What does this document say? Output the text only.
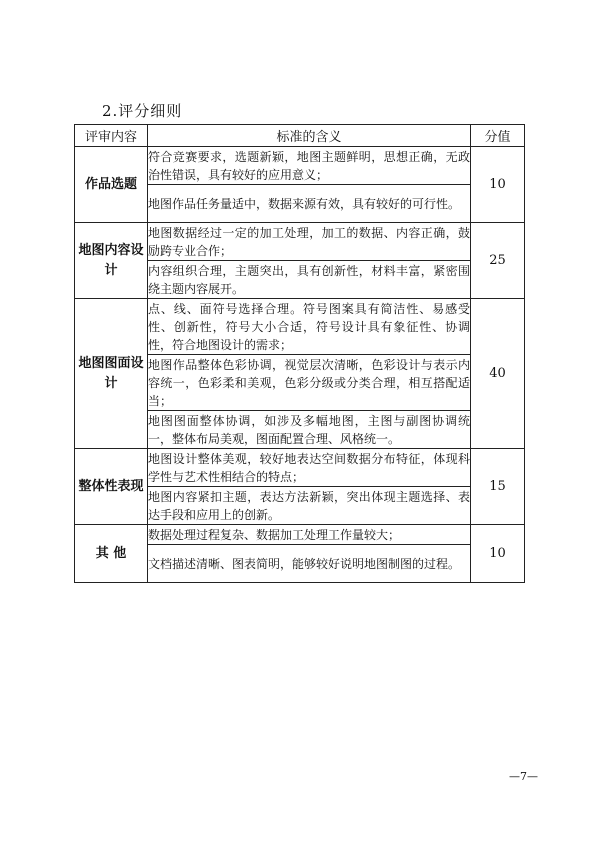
2.评分细则
评审内容	标准的含义	分值
作品选题	符合竞赛要求，选题新颖，地图主题鲜明，思想正确，无政治性错误，具有较好的应用意义；	10
	地图作品任务量适中，数据来源有效，具有较好的可行性。	
地图内容设计	地图数据经过一定的加工处理，加工的数据、内容正确，鼓励跨专业合作；	25
	内容组织合理，主题突出，具有创新性，材料丰富，紧密围绕主题内容展开。	
地图图面设计	点、线、面符号选择合理。符号图案具有简洁性、易感受性、创新性，符号大小合适，符号设计具有象征性、协调性，符合地图设计的需求；	40
	地图作品整体色彩协调，视觉层次清晰，色彩设计与表示内容统一，色彩柔和美观，色彩分级或分类合理，相互搭配适当；	
	地图图面整体协调，如涉及多幅地图，主图与副图协调统一，整体布局美观，图面配置合理、风格统一。	
整体性表现	地图设计整体美观，较好地表达空间数据分布特征，体现科学性与艺术性相结合的特点；	15
	地图内容紧扣主题，表达方法新颖，突出体现主题选择、表达手段和应用上的创新。	
其 他	数据处理过程复杂、数据加工处理工作量较大；	10
	文档描述清晰、图表简明，能够较好说明地图制图的过程。	
—7—
